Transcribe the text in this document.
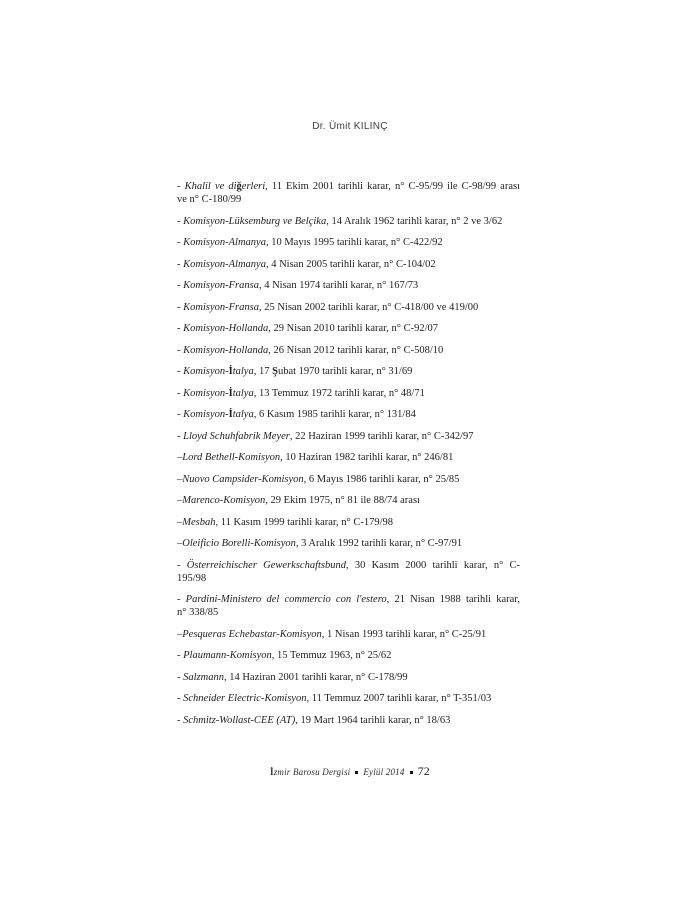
Dr. Ümit KILINÇ

- Khalil ve diğerleri, 11 Ekim 2001 tarihli karar, n° C-95/99 ile C-98/99 arası
ve n° C-180/99

- Komisyon-Lüksemburg ve Belçika, 14 Aralık 1962 tarihli karar, n° 2 ve 3/62

- Komisyon-Almanya, 10 Mayıs 1995 tarihli karar, n° C-422/92

- Komisyon-Almanya, 4 Nisan 2005 tarihli karar, n° C-104/02

- Komisyon-Fransa, 4 Nisan 1974 tarihli karar, n° 167/73

- Komisyon-Fransa, 25 Nisan 2002 tarihli karar, n° C-418/00 ve 419/00

- Komisyon-Hollanda, 29 Nisan 2010 tarihli karar, n° C-92/07

- Komisyon-Hollanda, 26 Nisan 2012 tarihli karar, n° C-508/10

- Komisyon-İtalya, 17 Şubat 1970 tarihli karar, n° 31/69

- Komisyon-İtalya, 13 Temmuz 1972 tarihli karar, n° 48/71

- Komisyon-İtalya, 6 Kasım 1985 tarihli karar, n° 131/84

- Lloyd Schuhfabrik Meyer, 22 Haziran 1999 tarihli karar, n° C-342/97

–Lord Bethell-Komisyon, 10 Haziran 1982 tarihli karar, n° 246/81

–Nuovo Campsider-Komisyon, 6 Mayıs 1986 tarihli karar, n° 25/85

–Marenco-Komisyon, 29 Ekim 1975, n° 81 ile 88/74 arası

–Mesbah, 11 Kasım 1999 tarihli karar, n° C-179/98

–Oleificio Borelli-Komisyon, 3 Aralık 1992 tarihli karar, n° C-97/91

- Österreichischer Gewerkschaftsbund, 30 Kasım 2000 tarihli karar, n° C-
195/98

- Pardini-Ministero del commercio con l'estero, 21 Nisan 1988 tarihli karar,
n° 338/85

–Pesqueras Echebastar-Komisyon, 1 Nisan 1993 tarihli karar, n° C-25/91

- Plaumann-Komisyon, 15 Temmuz 1963, n° 25/62

- Salzmann, 14 Haziran 2001 tarihli karar, n° C-178/99

- Schneider Electric-Komisyon, 11 Temmuz 2007 tarihli karar, n° T-351/03

- Schmitz-Wollast-CEE (AT), 19 Mart 1964 tarihli karar, n° 18/63

İzmir Barosu Dergisi Eylül 2014 72
